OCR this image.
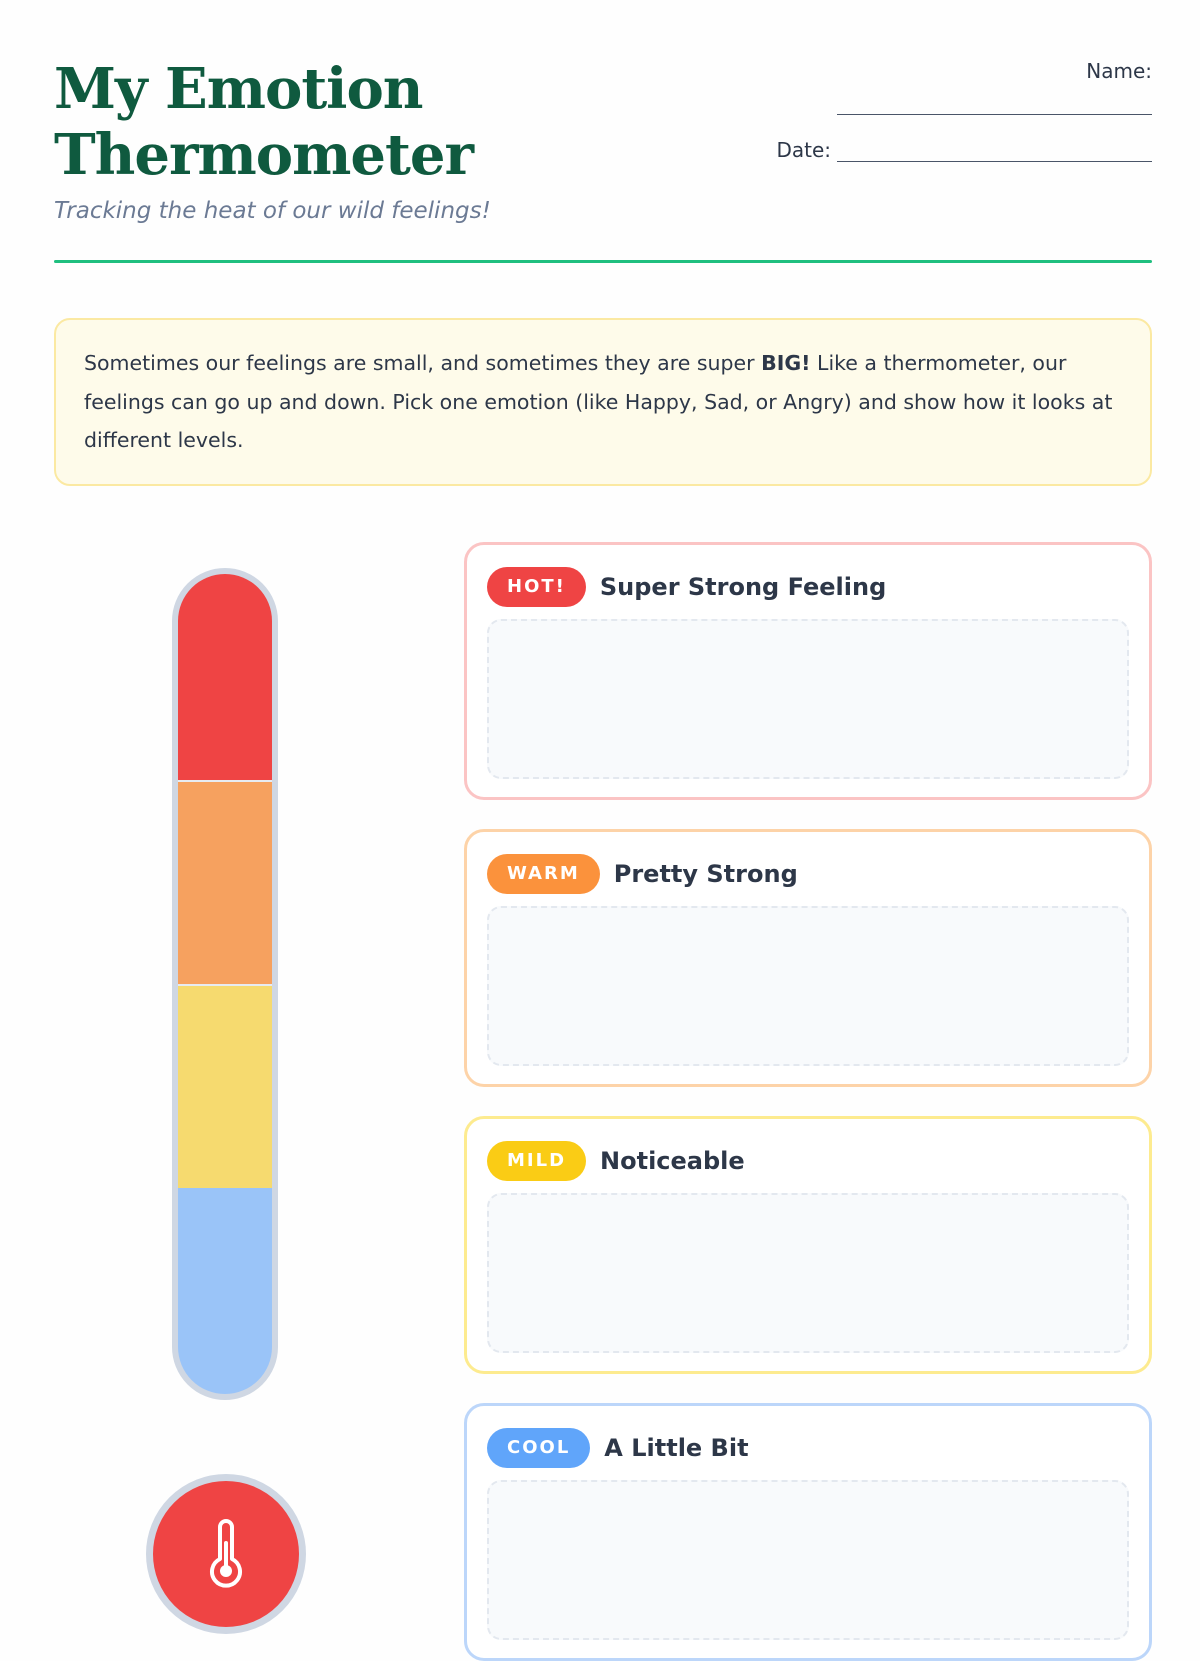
My Emotion
Thermometer
Tracking the heat of our wild feelings!
Name:
Date:
Sometimes our feelings are small, and sometimes they are super BIG! Like a thermometer, our feelings can go up and down. Pick one emotion (like Happy, Sad, or Angry) and show how it looks at different levels.
HOT!	Super Strong Feeling
WARM	Pretty Strong
MILD	Noticeable
COOL	A Little Bit
